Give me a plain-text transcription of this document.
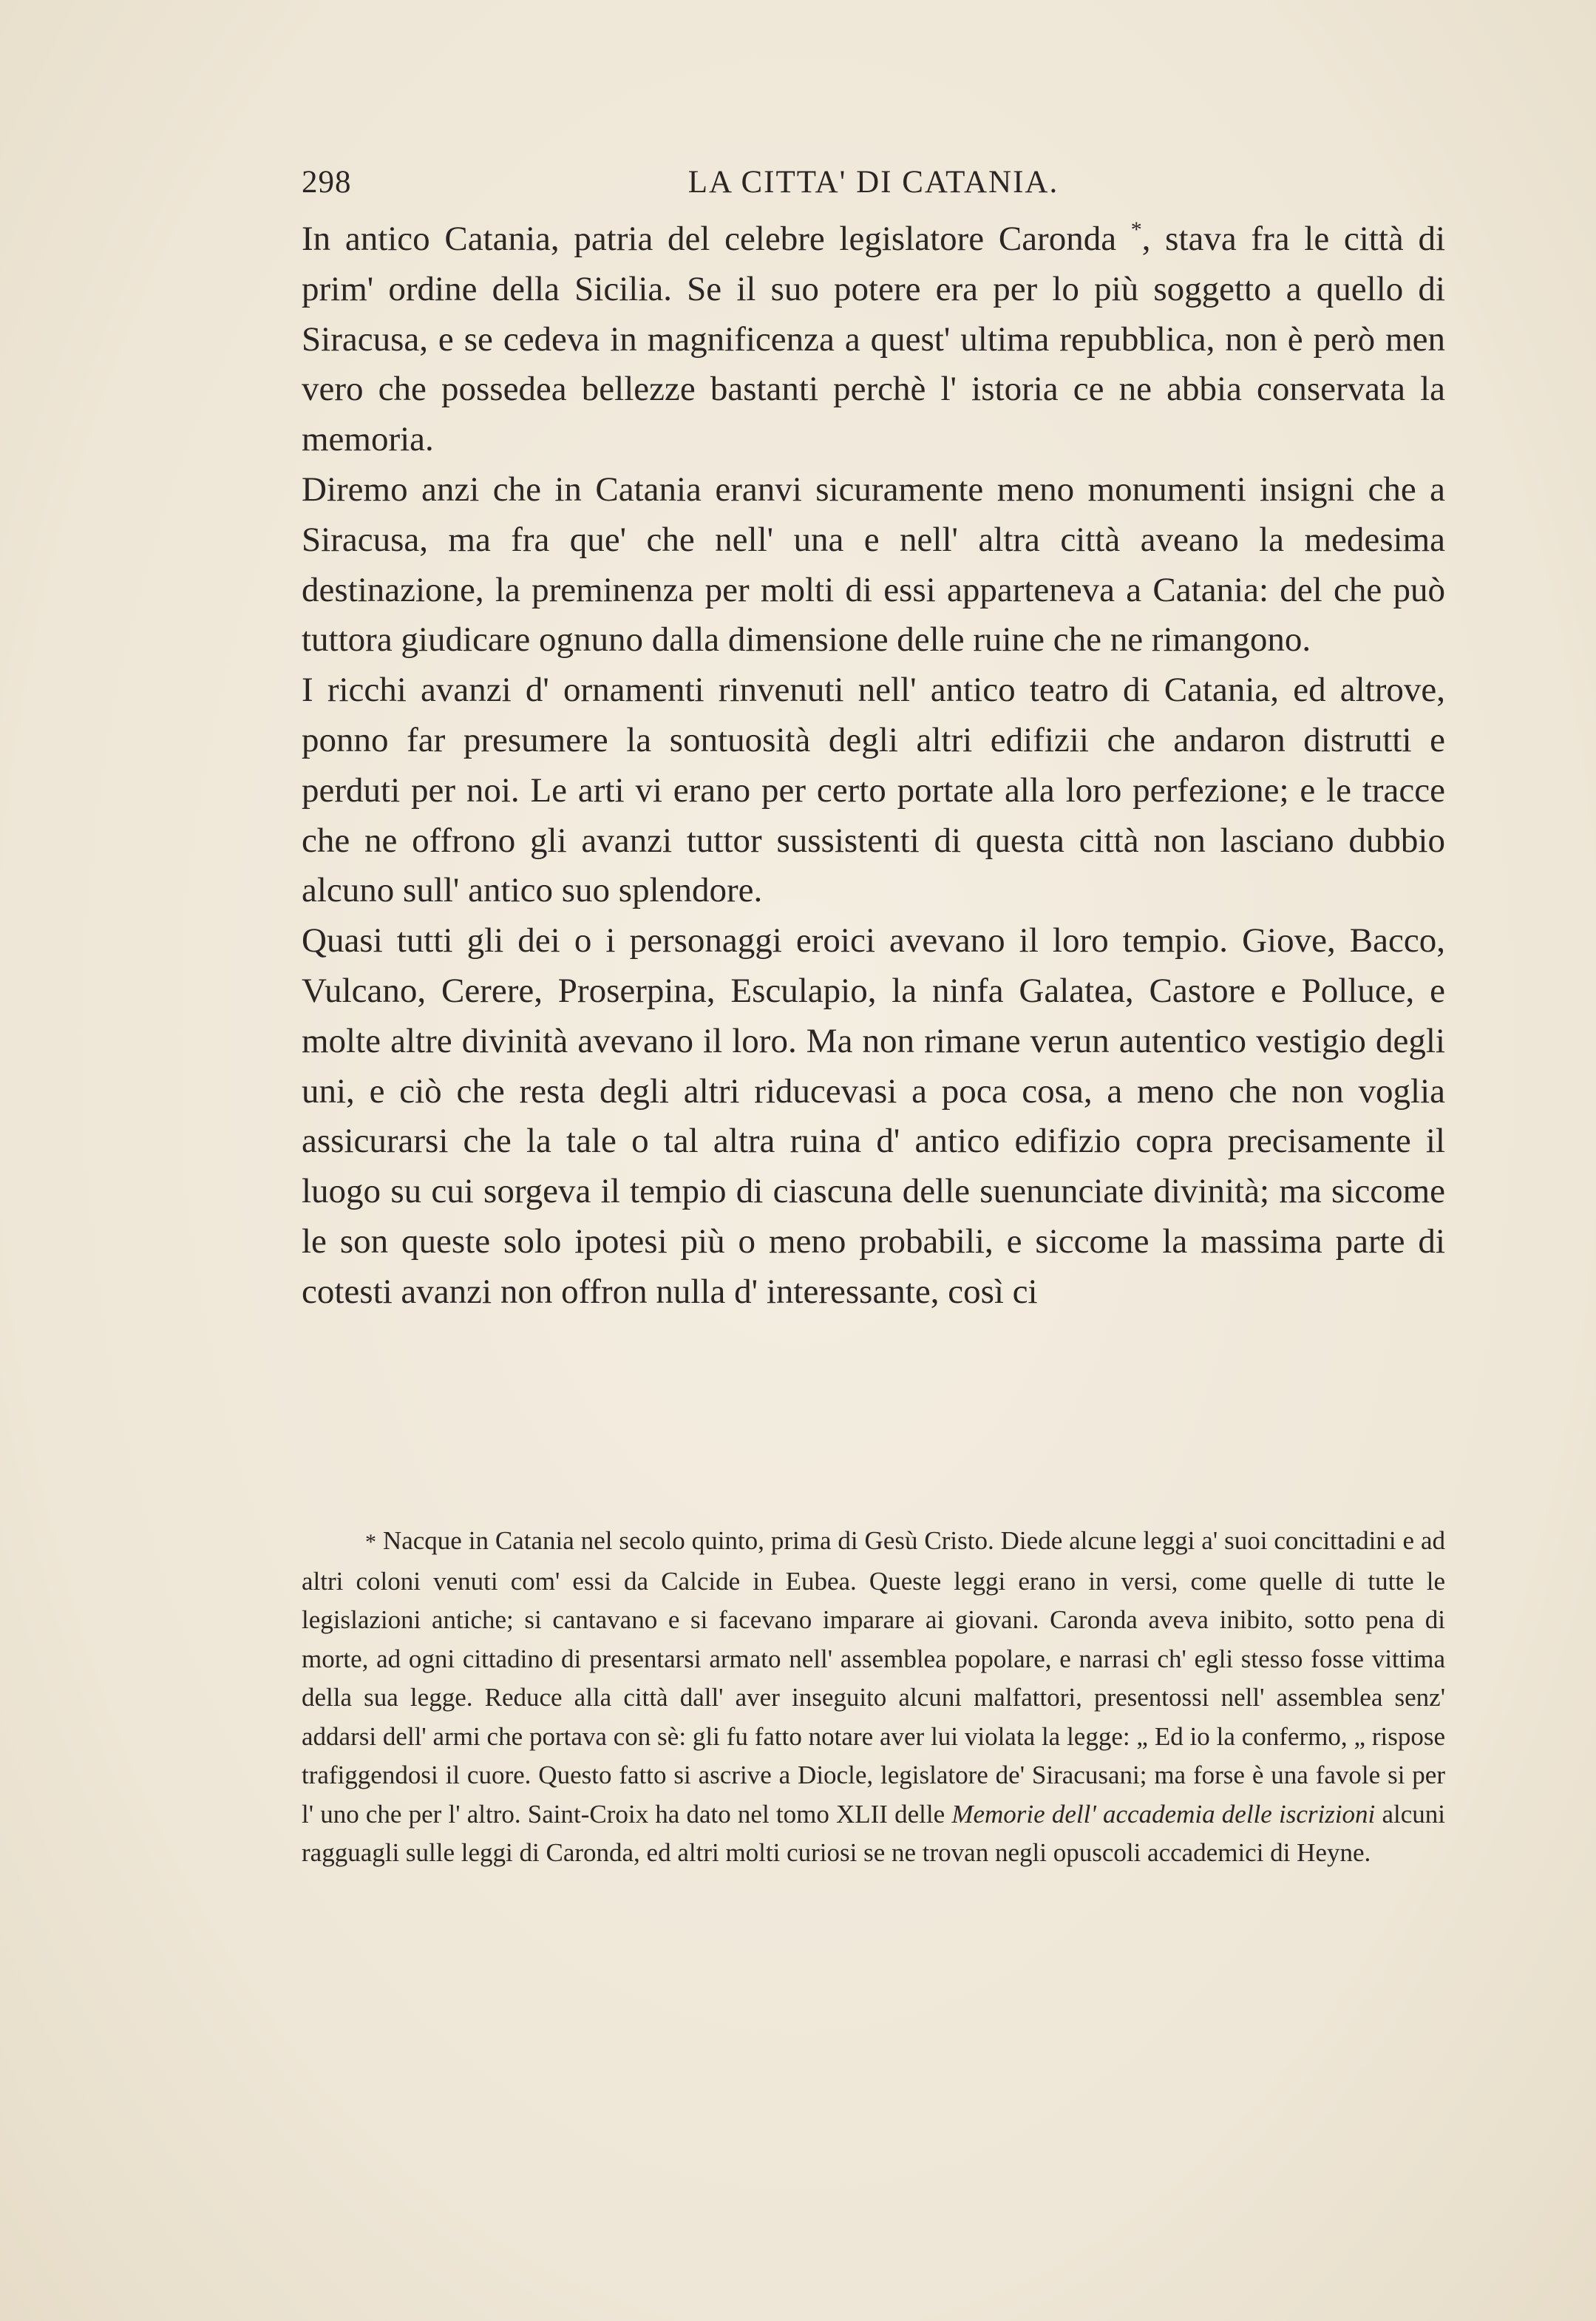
298	LA CITTA' DI CATANIA.

In antico Catania, patria del celebre legislatore Caronda *, stava fra le città di prim' ordine della Sicilia. Se il suo potere era per lo più soggetto a quello di Siracusa, e se cedeva in magnificenza a quest' ultima repubblica, non è però men vero che possedea bellezze bastanti perchè l' istoria ce ne abbia conservata la memoria.

Diremo anzi che in Catania eranvi sicuramente meno monumenti insigni che a Siracusa, ma fra que' che nell' una e nell' altra città aveano la medesima destinazione, la preminenza per molti di essi apparteneva a Catania: del che può tuttora giudicare ognuno dalla dimensione delle ruine che ne rimangono.

I ricchi avanzi d' ornamenti rinvenuti nell' antico teatro di Catania, ed altrove, ponno far presumere la sontuosità degli altri edifizii che andaron distrutti e perduti per noi. Le arti vi erano per certo portate alla loro perfezione; e le tracce che ne offrono gli avanzi tuttor sussistenti di questa città non lasciano dubbio alcuno sull' antico suo splendore.

Quasi tutti gli dei o i personaggi eroici avevano il loro tempio. Giove, Bacco, Vulcano, Cerere, Proserpina, Esculapio, la ninfa Galatea, Castore e Polluce, e molte altre divinità avevano il loro. Ma non rimane verun autentico vestigio degli uni, e ciò che resta degli altri riducevasi a poca cosa, a meno che non voglia assicurarsi che la tale o tal altra ruina d' antico edifizio copra precisamente il luogo su cui sorgeva il tempio di ciascuna delle suenunciate divinità; ma siccome le son queste solo ipotesi più o meno probabili, e siccome la massima parte di cotesti avanzi non offron nulla d' interessante, così ci

* Nacque in Catania nel secolo quinto, prima di Gesù Cristo. Diede alcune leggi a' suoi concittadini e ad altri coloni venuti com' essi da Calcide in Eubea. Queste leggi erano in versi, come quelle di tutte le legislazioni antiche; si cantavano e si facevano imparare ai giovani. Caronda aveva inibito, sotto pena di morte, ad ogni cittadino di presentarsi armato nell' assemblea popolare, e narrasi ch' egli stesso fosse vittima della sua legge. Reduce alla città dall' aver inseguito alcuni malfattori, presentossi nell' assemblea senz' addarsi dell' armi che portava con sè: gli fu fatto notare aver lui violata la legge: „ Ed io la confermo, „ rispose trafiggendosi il cuore. Questo fatto si ascrive a Diocle, legislatore de' Siracusani; ma forse è una favole si per l' uno che per l' altro. Saint-Croix ha dato nel tomo XLII delle Memorie dell' accademia delle iscrizioni alcuni ragguagli sulle leggi di Caronda, ed altri molti curiosi se ne trovan negli opuscoli accademici di Heyne.
